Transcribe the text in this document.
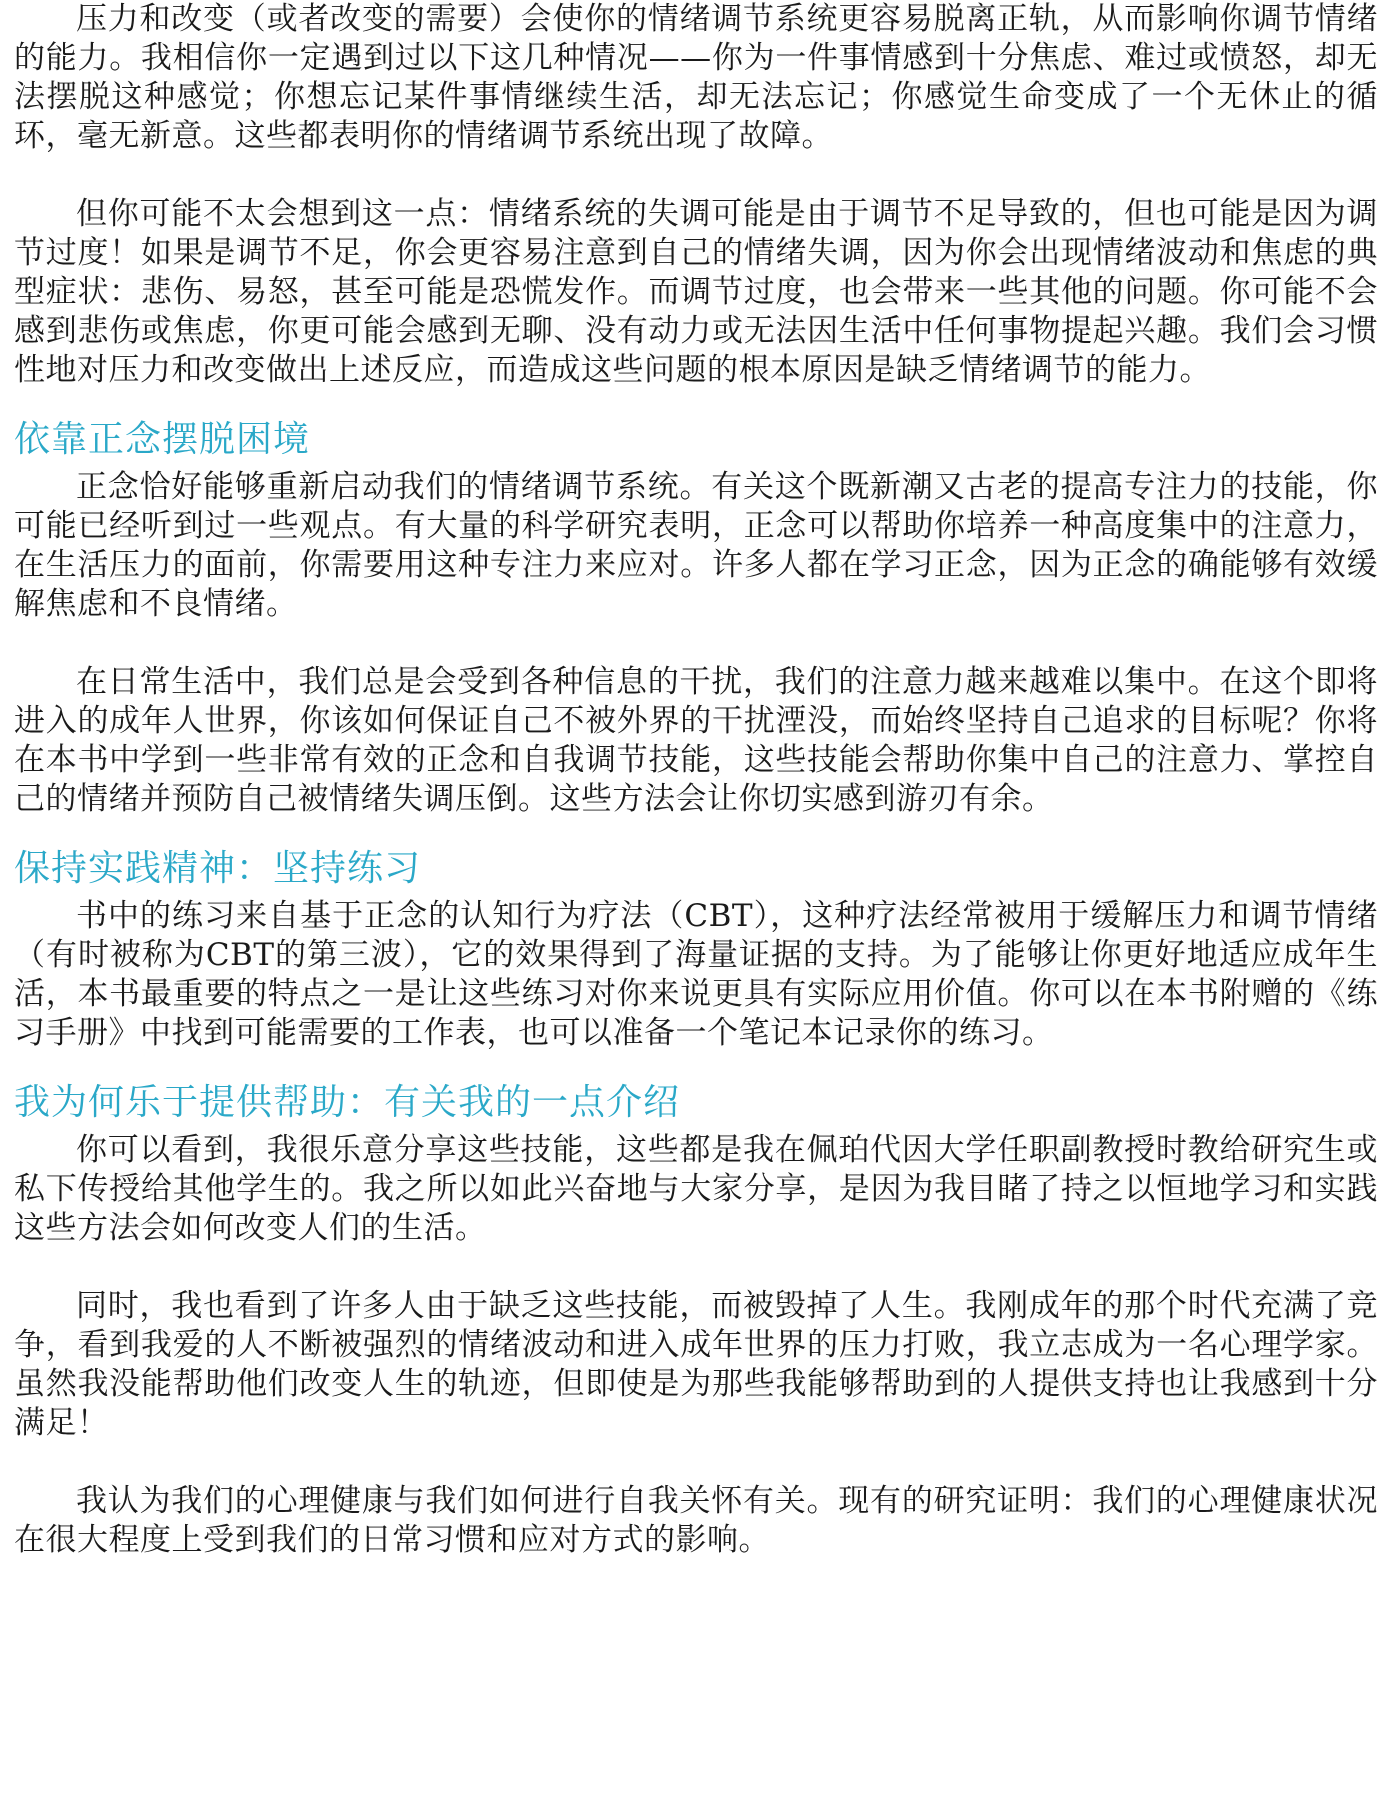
压力和改变（或者改变的需要）会使你的情绪调节系统更容易脱离正轨，从而影响你调节情绪的能力。我相信你一定遇到过以下这几种情况——你为一件事情感到十分焦虑、难过或愤怒，却无法摆脱这种感觉；你想忘记某件事情继续生活，却无法忘记；你感觉生命变成了一个无休止的循环，毫无新意。这些都表明你的情绪调节系统出现了故障。

但你可能不太会想到这一点：情绪系统的失调可能是由于调节不足导致的，但也可能是因为调节过度！如果是调节不足，你会更容易注意到自己的情绪失调，因为你会出现情绪波动和焦虑的典型症状：悲伤、易怒，甚至可能是恐慌发作。而调节过度，也会带来一些其他的问题。你可能不会感到悲伤或焦虑，你更可能会感到无聊、没有动力或无法因生活中任何事物提起兴趣。我们会习惯性地对压力和改变做出上述反应，而造成这些问题的根本原因是缺乏情绪调节的能力。

依靠正念摆脱困境

正念恰好能够重新启动我们的情绪调节系统。有关这个既新潮又古老的提高专注力的技能，你可能已经听到过一些观点。有大量的科学研究表明，正念可以帮助你培养一种高度集中的注意力，在生活压力的面前，你需要用这种专注力来应对。许多人都在学习正念，因为正念的确能够有效缓解焦虑和不良情绪。

在日常生活中，我们总是会受到各种信息的干扰，我们的注意力越来越难以集中。在这个即将进入的成年人世界，你该如何保证自己不被外界的干扰湮没，而始终坚持自己追求的目标呢？你将在本书中学到一些非常有效的正念和自我调节技能，这些技能会帮助你集中自己的注意力、掌控自己的情绪并预防自己被情绪失调压倒。这些方法会让你切实感到游刃有余。

保持实践精神：坚持练习

书中的练习来自基于正念的认知行为疗法（CBT），这种疗法经常被用于缓解压力和调节情绪（有时被称为CBT的第三波），它的效果得到了海量证据的支持。为了能够让你更好地适应成年生活，本书最重要的特点之一是让这些练习对你来说更具有实际应用价值。你可以在本书附赠的《练习手册》中找到可能需要的工作表，也可以准备一个笔记本记录你的练习。

我为何乐于提供帮助：有关我的一点介绍

你可以看到，我很乐意分享这些技能，这些都是我在佩珀代因大学任职副教授时教给研究生或私下传授给其他学生的。我之所以如此兴奋地与大家分享，是因为我目睹了持之以恒地学习和实践这些方法会如何改变人们的生活。

同时，我也看到了许多人由于缺乏这些技能，而被毁掉了人生。我刚成年的那个时代充满了竞争，看到我爱的人不断被强烈的情绪波动和进入成年世界的压力打败，我立志成为一名心理学家。虽然我没能帮助他们改变人生的轨迹，但即使是为那些我能够帮助到的人提供支持也让我感到十分满足！

我认为我们的心理健康与我们如何进行自我关怀有关。现有的研究证明：我们的心理健康状况在很大程度上受到我们的日常习惯和应对方式的影响。
